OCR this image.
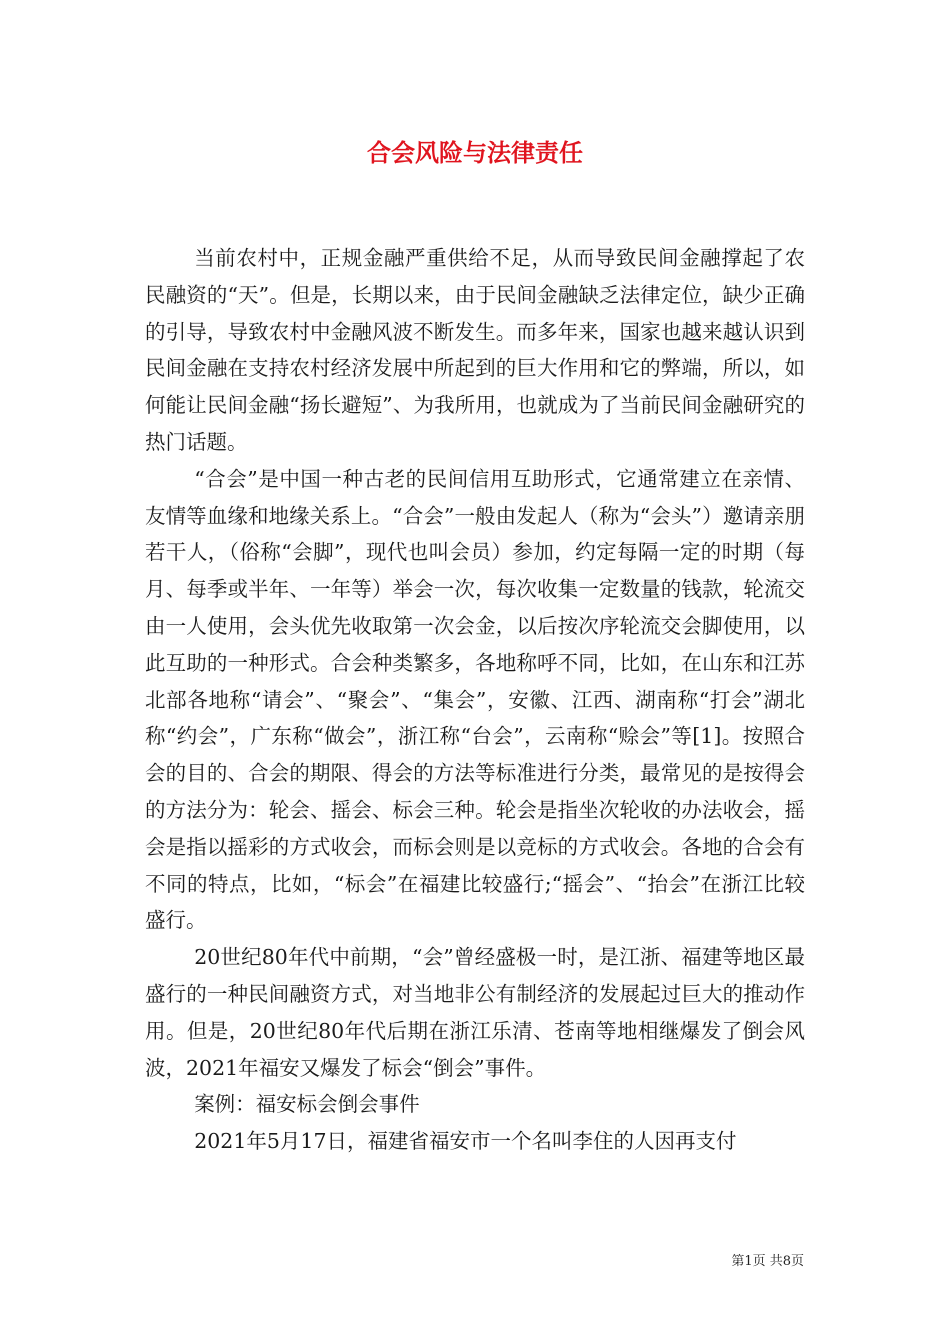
合会风险与法律责任

当前农村中，正规金融严重供给不足，从而导致民间金融撑起了农民融资的“天”。但是，长期以来，由于民间金融缺乏法律定位，缺少正确的引导，导致农村中金融风波不断发生。而多年来，国家也越来越认识到民间金融在支持农村经济发展中所起到的巨大作用和它的弊端，所以，如何能让民间金融“扬长避短”、为我所用，也就成为了当前民间金融研究的热门话题。

“合会”是中国一种古老的民间信用互助形式，它通常建立在亲情、友情等血缘和地缘关系上。“合会”一般由发起人（称为“会头”）邀请亲朋若干人，（俗称“会脚”，现代也叫会员）参加，约定每隔一定的时期（每月、每季或半年、一年等）举会一次，每次收集一定数量的钱款，轮流交由一人使用，会头优先收取第一次会金，以后按次序轮流交会脚使用，以此互助的一种形式。合会种类繁多，各地称呼不同，比如，在山东和江苏北部各地称“请会”、“聚会”、“集会”，安徽、江西、湖南称“打会”湖北称“约会”，广东称“做会”，浙江称“台会”，云南称“赊会”等[1]。按照合会的目的、合会的期限、得会的方法等标准进行分类，最常见的是按得会的方法分为：轮会、摇会、标会三种。轮会是指坐次轮收的办法收会，摇会是指以摇彩的方式收会，而标会则是以竞标的方式收会。各地的合会有不同的特点，比如，“标会”在福建比较盛行;“摇会”、“抬会”在浙江比较盛行。

20世纪80年代中前期，“会”曾经盛极一时，是江浙、福建等地区最盛行的一种民间融资方式，对当地非公有制经济的发展起过巨大的推动作用。但是，20世纪80年代后期在浙江乐清、苍南等地相继爆发了倒会风波，2021年福安又爆发了标会“倒会”事件。

案例：福安标会倒会事件

2021年5月17日，福建省福安市一个名叫李住的人因再支付

第1页 共8页
